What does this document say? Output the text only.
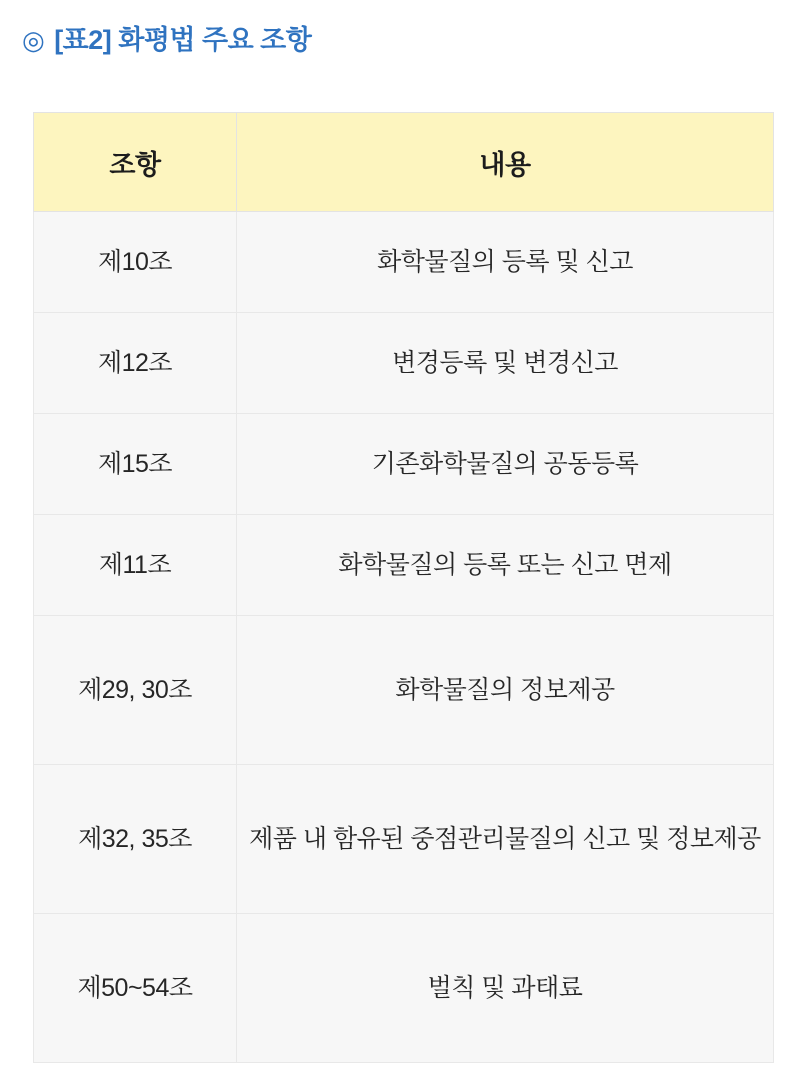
◎ [표2] 화평법 주요 조항
조항	내용
제10조	화학물질의 등록 및 신고
제12조	변경등록 및 변경신고
제15조	기존화학물질의 공동등록
제11조	화학물질의 등록 또는 신고 면제
제29, 30조	화학물질의 정보제공
제32, 35조	제품 내 함유된 중점관리물질의 신고 및 정보제공
제50~54조	벌칙 및 과태료
